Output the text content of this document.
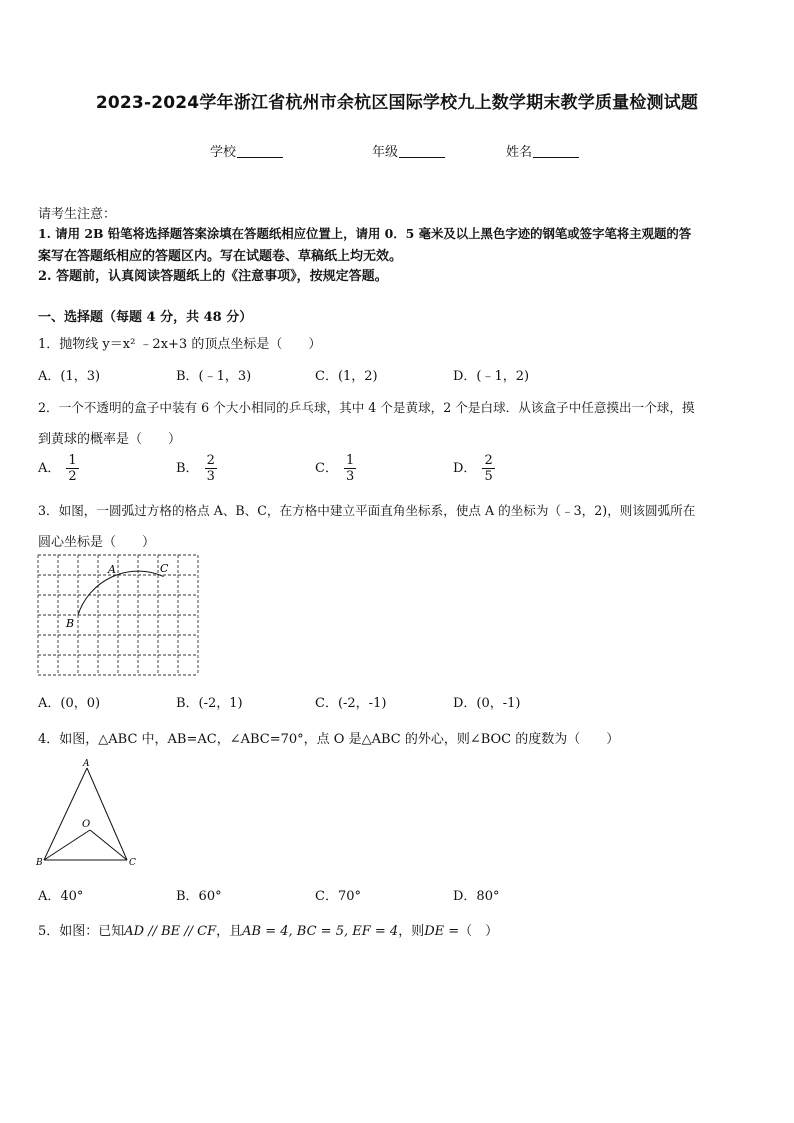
2023-2024学年浙江省杭州市余杭区国际学校九上数学期末教学质量检测试题
学校	年级	姓名
请考生注意：
1. 请用 2B 铅笔将选择题答案涂填在答题纸相应位置上，请用 0．5 毫米及以上黑色字迹的钢笔或签字笔将主观题的答
案写在答题纸相应的答题区内。写在试题卷、草稿纸上均无效。
2. 答题前，认真阅读答题纸上的《注意事项》，按规定答题。
一、选择题（每题 4 分，共 48 分）
1．抛物线 y＝x² ﹣2x+3 的顶点坐标是（　　）
A．(1，3)	B．(﹣1，3)	C．(1，2)	D．(﹣1，2)
2．一个不透明的盒子中装有 6 个大小相同的乒乓球，其中 4 个是黄球，2 个是白球．从该盒子中任意摸出一个球，摸
到黄球的概率是（　　）
A． $\frac{1}{2}$	B． $\frac{2}{3}$	C． $\frac{1}{3}$	D． $\frac{2}{5}$
3．如图，一圆弧过方格的格点 A、B、C，在方格中建立平面直角坐标系，使点 A 的坐标为（﹣3，2)，则该圆弧所在
圆心坐标是（　　）
A	C
B
A．(0，0)	B．(-2，1)	C．(-2，-1)	D．(0，-1)
4．如图，△ABC 中，AB=AC，∠ABC=70°，点 O 是△ABC 的外心，则∠BOC 的度数为（　　）
A
B	C
O
A．40°	B．60°	C．70°	D．80°
5．如图：已知AD // BE // CF，且AB = 4, BC = 5, EF = 4，则DE =（　）
